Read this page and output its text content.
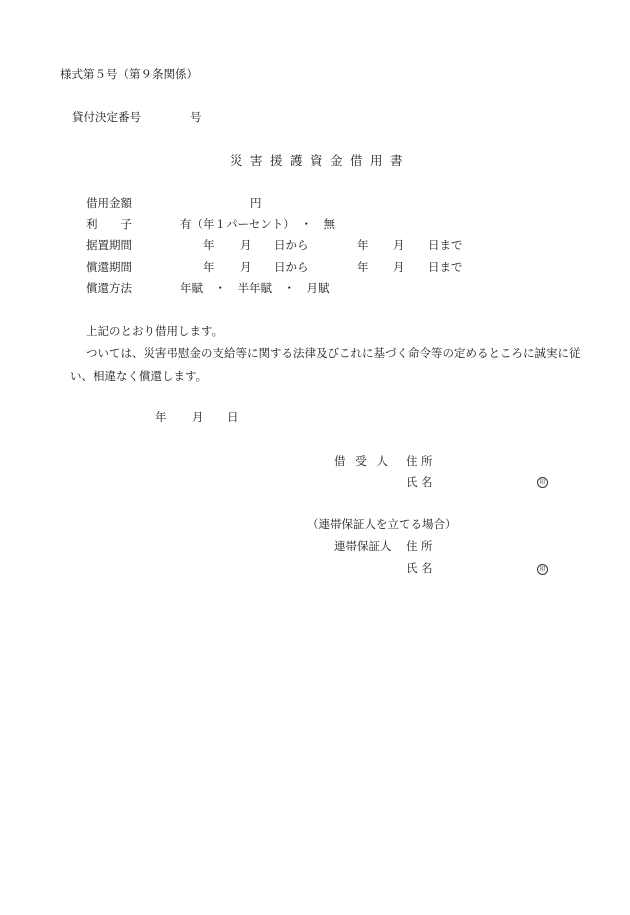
様式第５号（第９条関係）
貸付決定番号	号
災害援護資金借用書
借用金額	円
利　　子	有（年１パーセント）　・　無
据置期間	年 月 日から	年 月 日まで
償還期間	年 月 日から	年 月 日まで
償還方法	年賦　・　半年賦　・　月賦
上記のとおり借用します。
ついては、災害弔慰金の支給等に関する法律及びこれに基づく命令等の定めるところに誠実に従い、相違なく償還します。
年 月 日
借受人 住所
氏名	印
（連帯保証人を立てる場合）
連帯保証人 住所
氏名	印
